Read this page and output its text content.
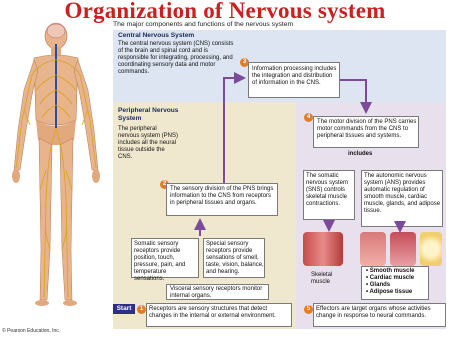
Organization of Nervous system
The major components and functions of the nervous system
Central Nervous System
The central nervous system (CNS) consists of the brain and spinal cord and is responsible for integrating, processing, and coordinating sensory data and motor commands.
Peripheral Nervous System
The peripheral nervous system (PNS) includes all the neural tissue outside the CNS.
3
Information processing includes the integration and distribution of information in the CNS.
4
The motor division of the PNS carries motor commands from the CNS to peripheral tissues and systems.
includes
The somatic nervous system (SNS) controls skeletal muscle contractions.
The autonomic nervous system (ANS) provides automatic regulation of smooth muscle, cardiac muscle, glands, and adipose tissue.
2
The sensory division of the PNS brings information to the CNS from receptors in peripheral tissues and organs.
Somatic sensory receptors provide position, touch, pressure, pain, and temperature sensations.
Special sensory receptors provide sensations of smell, taste, vision, balance, and hearing.
Visceral sensory receptors monitor internal organs.
Skeletal muscle
• Smooth muscle
• Cardiac muscle
• Glands
• Adipose tissue
Start	1 Receptors are sensory structures that detect changes in the internal or external environment.
5 Effectors are target organs whose activities change in response to neural commands.
© Pearson Education, Inc.
